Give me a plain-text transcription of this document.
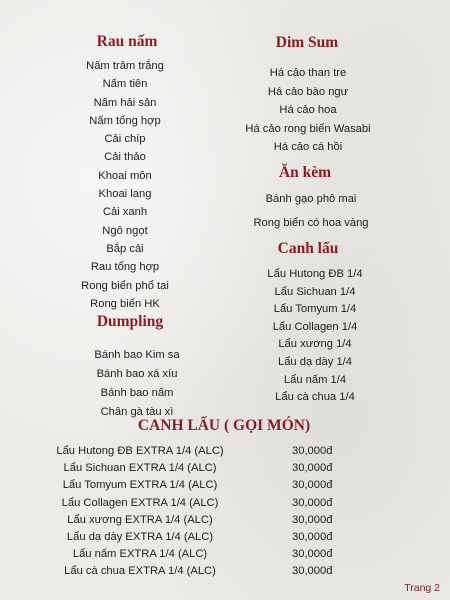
Rau nấm
Nấm trâm trắng
Nấm tiên
Nấm hải sản
Nấm tổng hợp
Cải chíp
Cải thảo
Khoai môn
Khoai lang
Cải xanh
Ngô ngọt
Bắp cải
Rau tổng hợp
Rong biển phổ tai
Rong biển HK
Dumpling
Bánh bao Kim sa
Bánh bao xá xíu
Bánh bao nấm
Chân gà tàu xì
Dim Sum
Há cảo than tre
Há cảo bào ngư
Há cảo hoa
Há cảo rong biển Wasabi
Há cảo cá hồi
Ăn kèm
Bánh gạo phô mai
Rong biển có hoa vàng
Canh lẩu
Lẩu Hutong ĐB 1/4
Lẩu Sichuan 1/4
Lẩu Tomyum 1/4
Lẩu Collagen 1/4
Lẩu xương 1/4
Lẩu dạ dày 1/4
Lẩu nấm 1/4
Lẩu cà chua 1/4
CANH LẨU ( GỌI MÓN)
Lẩu Hutong ĐB EXTRA 1/4 (ALC)	30,000đ
Lẩu Sichuan EXTRA 1/4 (ALC)	30,000đ
Lẩu Tomyum EXTRA 1/4 (ALC)	30,000đ
Lẩu Collagen EXTRA 1/4 (ALC)	30,000đ
Lẩu xương EXTRA 1/4 (ALC)	30,000đ
Lẩu dạ dày EXTRA 1/4 (ALC)	30,000đ
Lẩu nấm EXTRA 1/4 (ALC)	30,000đ
Lẩu cà chua EXTRA 1/4 (ALC)	30,000đ
Trang 2
